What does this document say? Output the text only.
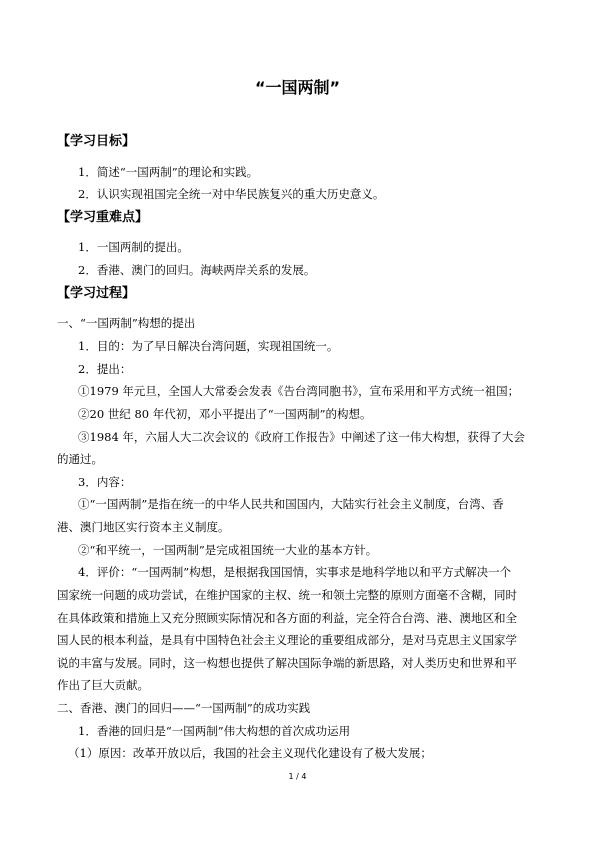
“一国两制”
【学习目标】

1．简述“一国两制”的理论和实践。

2．认识实现祖国完全统一对中华民族复兴的重大历史意义。

【学习重难点】

1．一国两制的提出。

2．香港、澳门的回归。海峡两岸关系的发展。

【学习过程】

一、“一国两制”构想的提出

1．目的：为了早日解决台湾问题，实现祖国统一。

2．提出：

①1979 年元旦，全国人大常委会发表《告台湾同胞书》，宣布采用和平方式统一祖国；

②20 世纪 80 年代初，邓小平提出了“一国两制”的构想。

③1984 年，六届人大二次会议的《政府工作报告》中阐述了这一伟大构想，获得了大会

的通过。

3．内容：

①“一国两制”是指在统一的中华人民共和国国内，大陆实行社会主义制度，台湾、香

港、澳门地区实行资本主义制度。

②“和平统一，一国两制”是完成祖国统一大业的基本方针。

4．评价：“一国两制”构想，是根据我国国情，实事求是地科学地以和平方式解决一个

国家统一问题的成功尝试，在维护国家的主权、统一和领土完整的原则方面毫不含糊，同时

在具体政策和措施上又充分照顾实际情况和各方面的利益，完全符合台湾、港、澳地区和全

国人民的根本利益，是具有中国特色社会主义理论的重要组成部分，是对马克思主义国家学

说的丰富与发展。同时，这一构想也提供了解决国际争端的新思路，对人类历史和世界和平

作出了巨大贡献。

二、香港、澳门的回归——“一国两制”的成功实践

1．香港的回归是“一国两制”伟大构想的首次成功运用

（1）原因：改革开放以后，我国的社会主义现代化建设有了极大发展；

1 / 4
